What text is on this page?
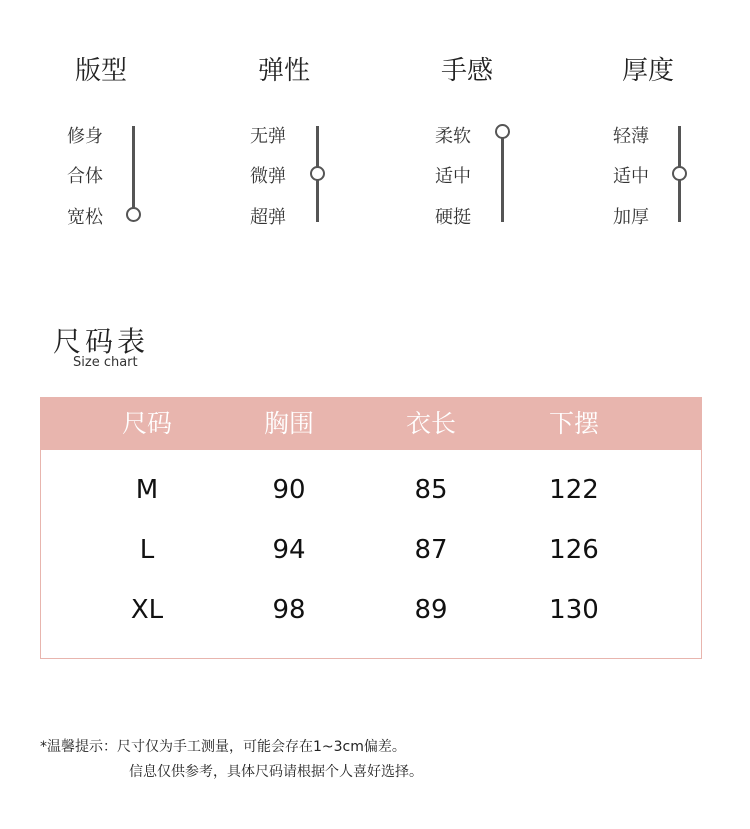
版型
修身
合体
宽松
弹性
无弹
微弹
超弹
手感
柔软
适中
硬挺
厚度
轻薄
适中
加厚
尺码表
Size chart
尺码	胸围	衣长	下摆
M	90	85	122
L	94	87	126
XL	98	89	130
*温馨提示：尺寸仅为手工测量，可能会存在1~3cm偏差。
信息仅供参考，具体尺码请根据个人喜好选择。
